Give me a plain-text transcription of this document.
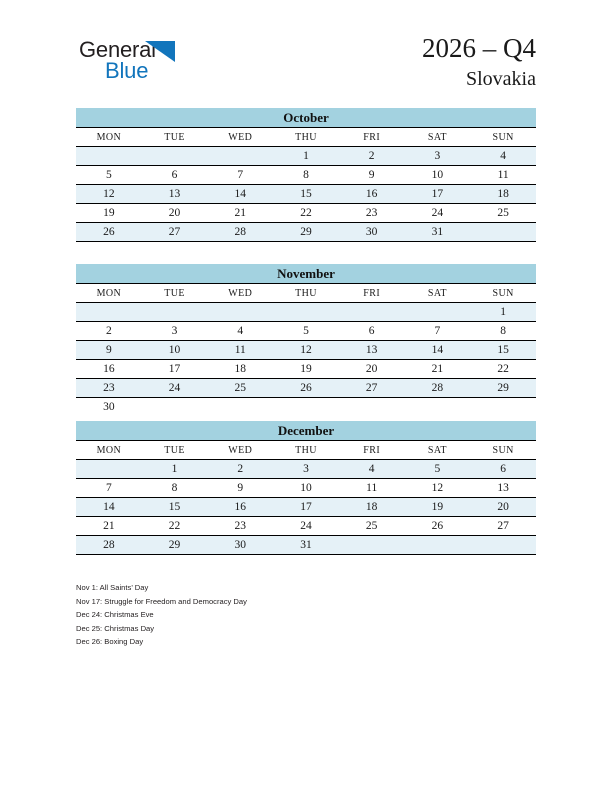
General
Blue
2026 – Q4
Slovakia
October
MON	TUE	WED	THU	FRI	SAT	SUN
			1	2	3	4
5	6	7	8	9	10	11
12	13	14	15	16	17	18
19	20	21	22	23	24	25
26	27	28	29	30	31	
November
MON	TUE	WED	THU	FRI	SAT	SUN
						1
2	3	4	5	6	7	8
9	10	11	12	13	14	15
16	17	18	19	20	21	22
23	24	25	26	27	28	29
30						
December
MON	TUE	WED	THU	FRI	SAT	SUN
	1	2	3	4	5	6
7	8	9	10	11	12	13
14	15	16	17	18	19	20
21	22	23	24	25	26	27
28	29	30	31			
Nov 1: All Saints’ Day
Nov 17: Struggle for Freedom and Democracy Day
Dec 24: Christmas Eve
Dec 25: Christmas Day
Dec 26: Boxing Day
